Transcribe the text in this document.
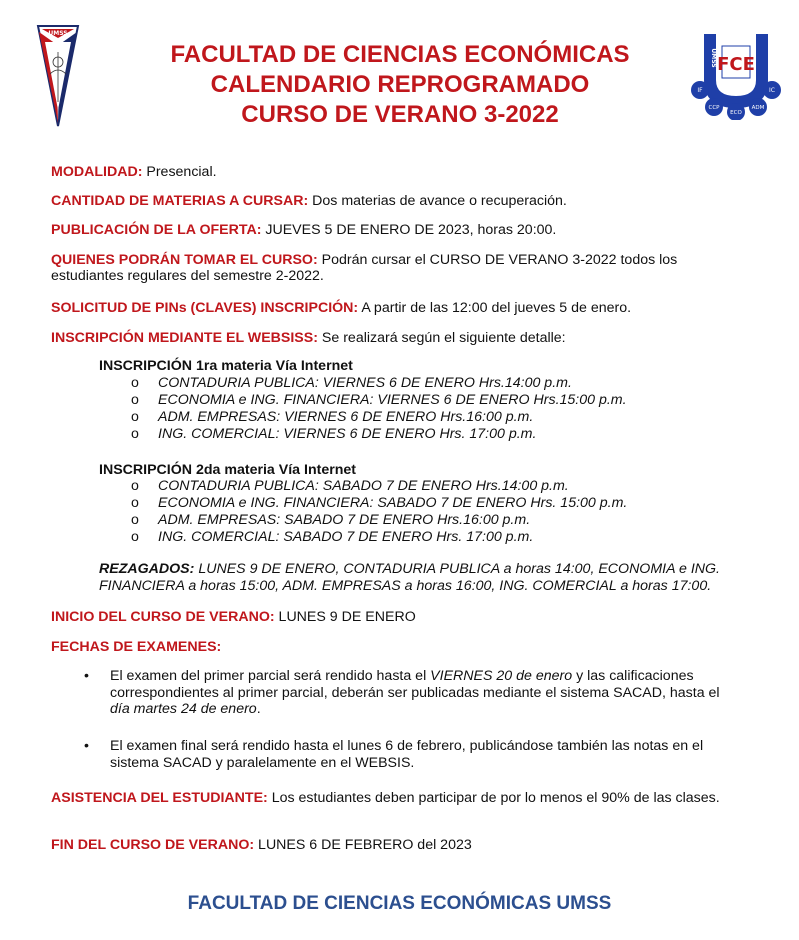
UMSS
FCE
UMSS
IF	IC
CCP
ECO
ADM
FACULTAD DE CIENCIAS ECONÓMICAS
CALENDARIO REPROGRAMADO
CURSO DE VERANO 3-2022
MODALIDAD: Presencial.
CANTIDAD DE MATERIAS A CURSAR: Dos materias de avance o recuperación.
PUBLICACIÓN DE LA OFERTA: JUEVES 5 DE ENERO DE 2023, horas 20:00.
QUIENES PODRÁN TOMAR EL CURSO: Podrán cursar el CURSO DE VERANO 3-2022 todos los estudiantes regulares del semestre 2-2022.
SOLICITUD DE PINs (CLAVES) INSCRIPCIÓN: A partir de las 12:00 del jueves 5 de enero.
INSCRIPCIÓN MEDIANTE EL WEBSISS: Se realizará según el siguiente detalle:
INSCRIPCIÓN 1ra materia Vía Internet
o CONTADURIA PUBLICA: VIERNES 6 DE ENERO Hrs.14:00 p.m.
o ECONOMIA e ING. FINANCIERA: VIERNES 6 DE ENERO Hrs.15:00 p.m.
o ADM. EMPRESAS: VIERNES 6 DE ENERO Hrs.16:00 p.m.
o ING. COMERCIAL: VIERNES 6 DE ENERO Hrs. 17:00 p.m.
INSCRIPCIÓN 2da materia Vía Internet
o CONTADURIA PUBLICA: SABADO 7 DE ENERO Hrs.14:00 p.m.
o ECONOMIA e ING. FINANCIERA: SABADO 7 DE ENERO Hrs. 15:00 p.m.
o ADM. EMPRESAS: SABADO 7 DE ENERO Hrs.16:00 p.m.
o ING. COMERCIAL: SABADO 7 DE ENERO Hrs. 17:00 p.m.
REZAGADOS: LUNES 9 DE ENERO, CONTADURIA PUBLICA a horas 14:00, ECONOMIA e ING. FINANCIERA a horas 15:00, ADM. EMPRESAS a horas 16:00, ING. COMERCIAL a horas 17:00.
INICIO DEL CURSO DE VERANO: LUNES 9 DE ENERO
FECHAS DE EXAMENES:
• El examen del primer parcial será rendido hasta el VIERNES 20 de enero y las calificaciones correspondientes al primer parcial, deberán ser publicadas mediante el sistema SACAD, hasta el día martes 24 de enero.
• El examen final será rendido hasta el lunes 6 de febrero, publicándose también las notas en el sistema SACAD y paralelamente en el WEBSIS.
ASISTENCIA DEL ESTUDIANTE: Los estudiantes deben participar de por lo menos el 90% de las clases.
FIN DEL CURSO DE VERANO: LUNES 6 DE FEBRERO del 2023
FACULTAD DE CIENCIAS ECONÓMICAS UMSS
